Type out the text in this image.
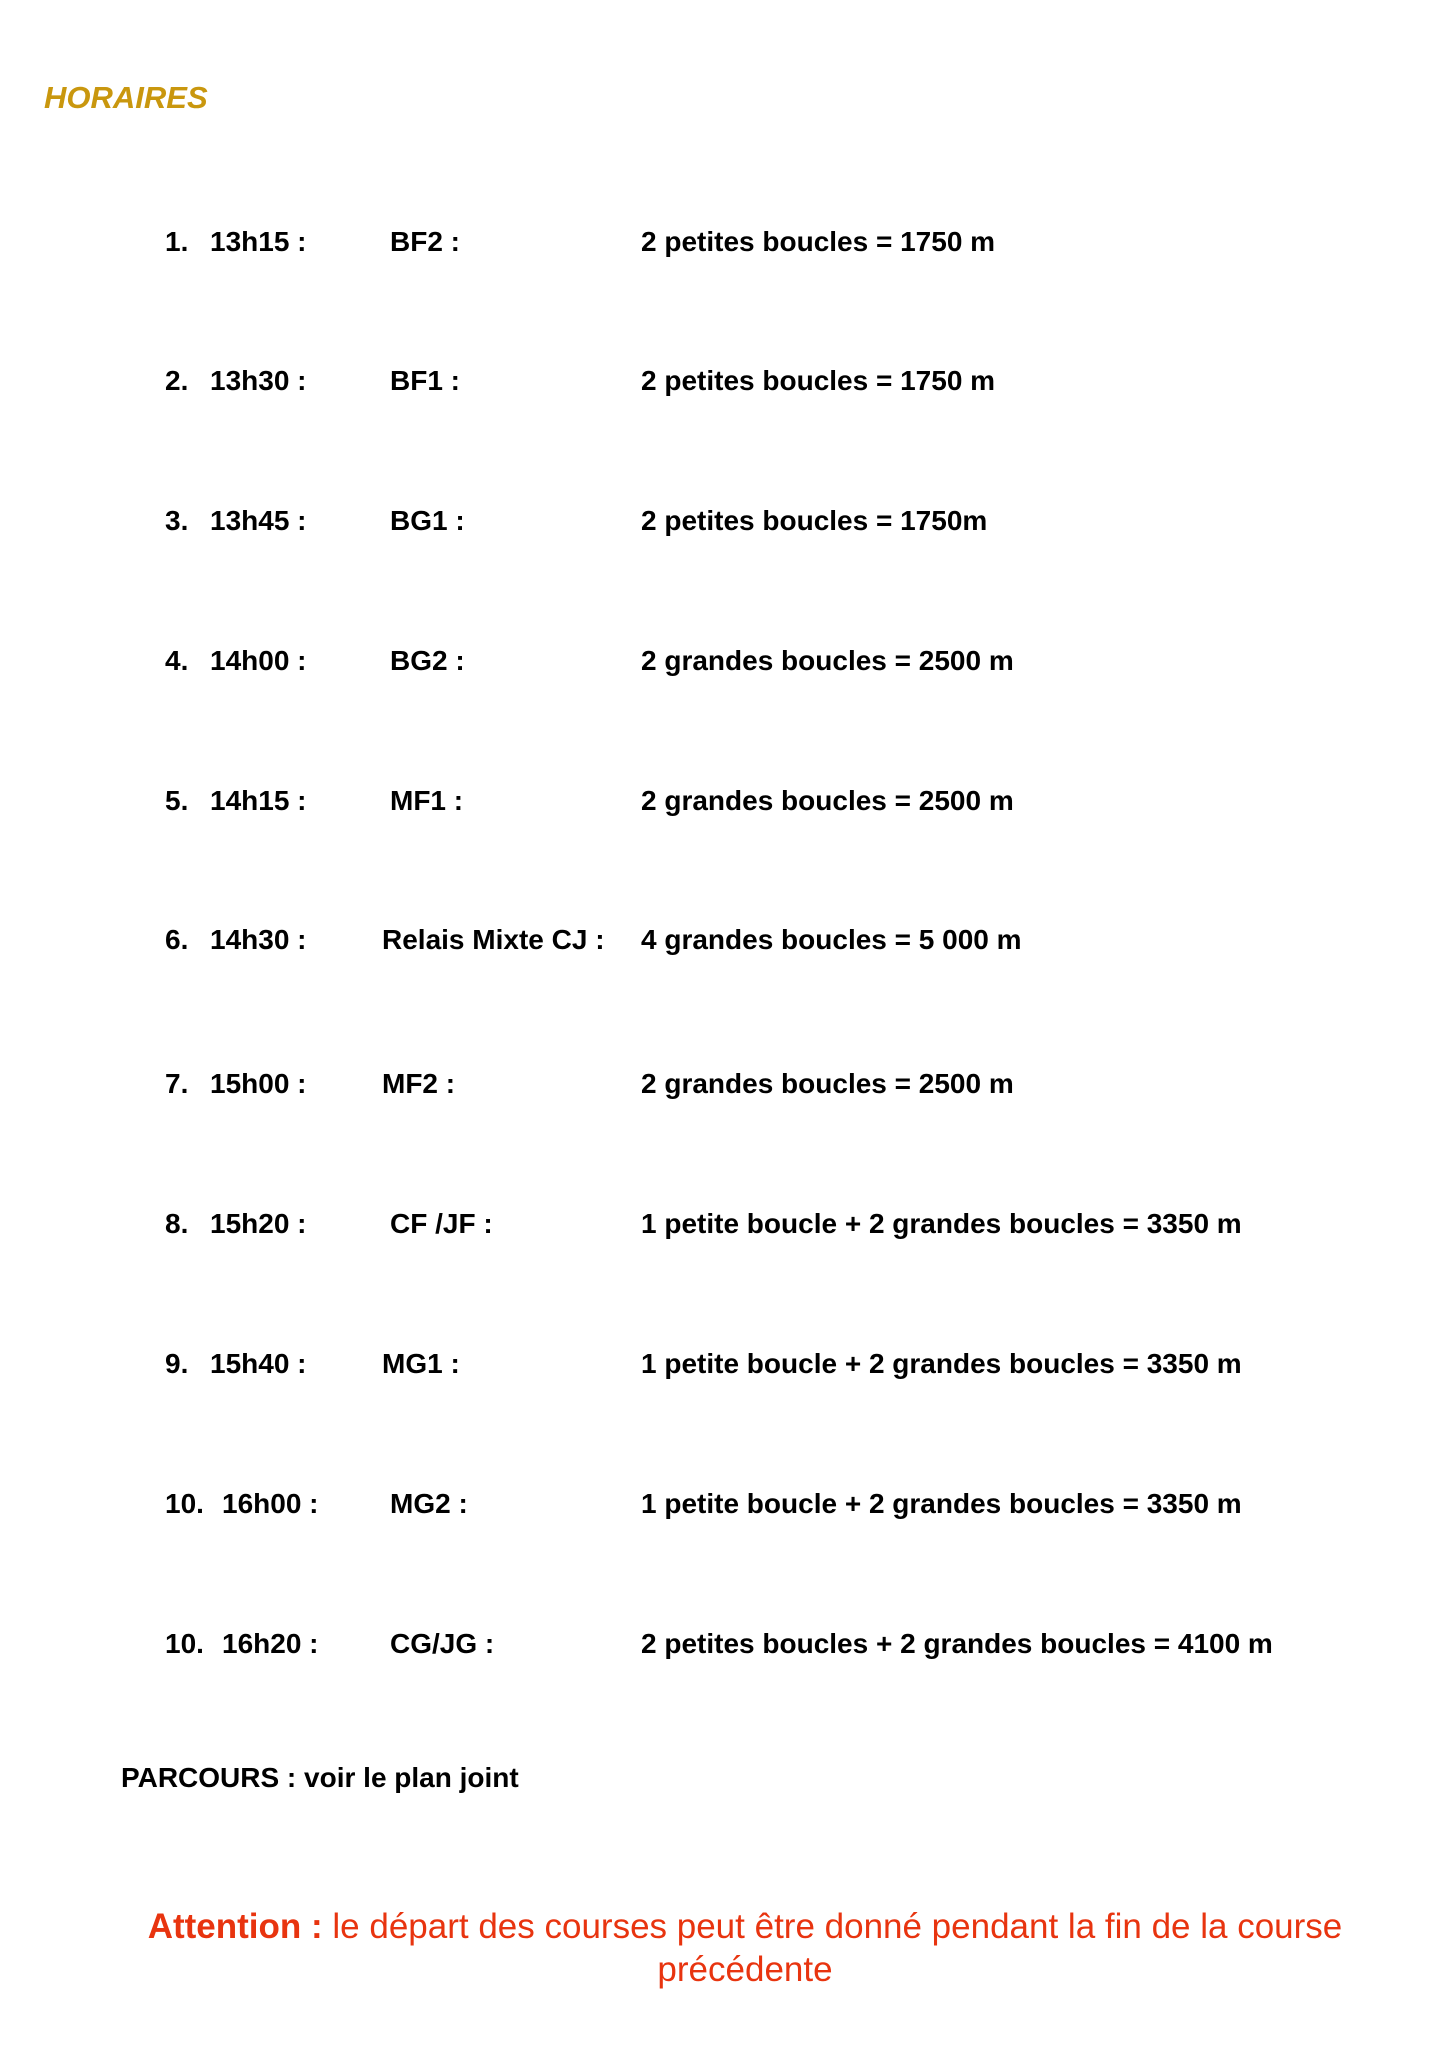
HORAIRES
1. 13h15 :	BF2 :	2 petites boucles = 1750 m
2. 13h30 :	BF1 :	2 petites boucles = 1750 m
3. 13h45 :	BG1 :	2 petites boucles = 1750m
4. 14h00 :	BG2 :	2 grandes boucles = 2500 m
5. 14h15 :	MF1 :	2 grandes boucles = 2500 m
6. 14h30 :	Relais Mixte CJ : 4 grandes boucles = 5 000 m
7. 15h00 :	MF2 :	2 grandes boucles = 2500 m
8. 15h20 :	CF /JF :	1 petite boucle + 2 grandes boucles = 3350 m
9. 15h40 :	MG1 :	1 petite boucle + 2 grandes boucles = 3350 m
10. 16h00 :	MG2 :	1 petite boucle + 2 grandes boucles = 3350 m
10. 16h20 :	CG/JG :	2 petites boucles + 2 grandes boucles = 4100 m
PARCOURS : voir le plan joint
Attention : le départ des courses peut être donné pendant la fin de la course précédente
